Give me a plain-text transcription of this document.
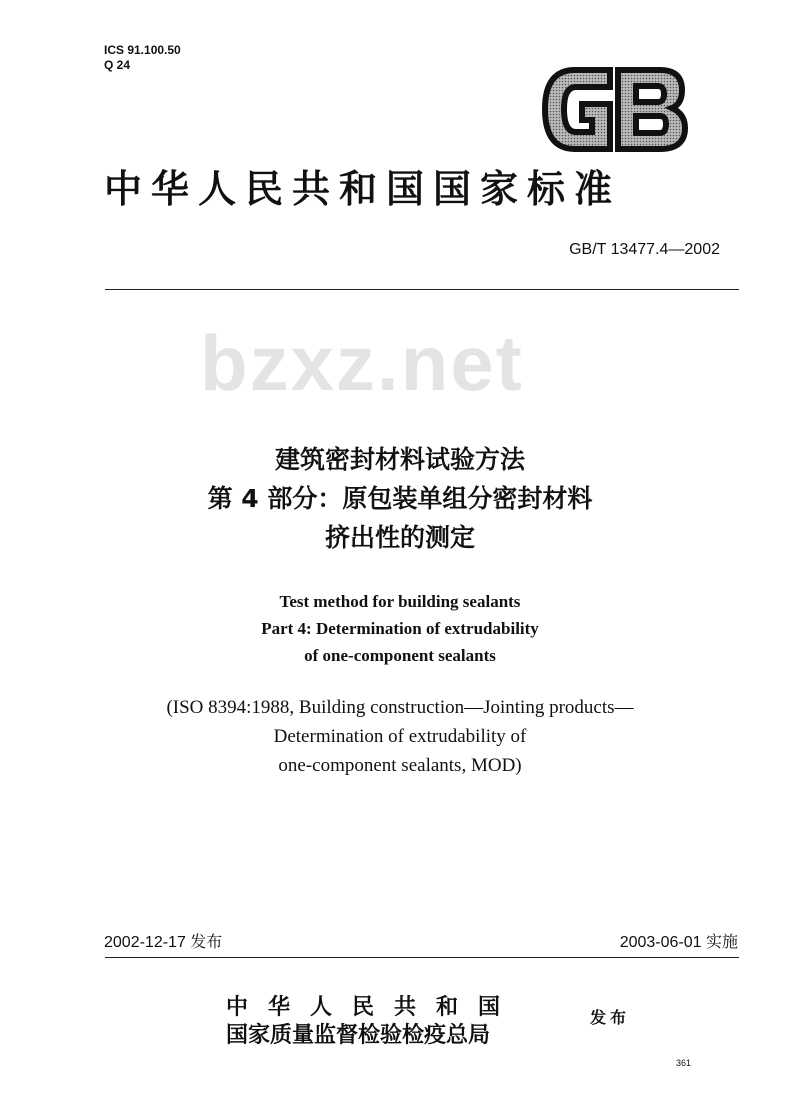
ICS 91.100.50
Q 24
bzxz.net
中华人民共和国国家标准
GB/T 13477.4—2002
建筑密封材料试验方法
第 4 部分：原包装单组分密封材料
挤出性的测定
Test method for building sealants
Part 4: Determination of extrudability
of one-component sealants
(ISO 8394:1988, Building construction—Jointing products—
Determination of extrudability of
one-component sealants, MOD)
2002-12-17 发布	2003-06-01 实施
中华人民共和国
国家质量监督检验检疫总局
发布
361
